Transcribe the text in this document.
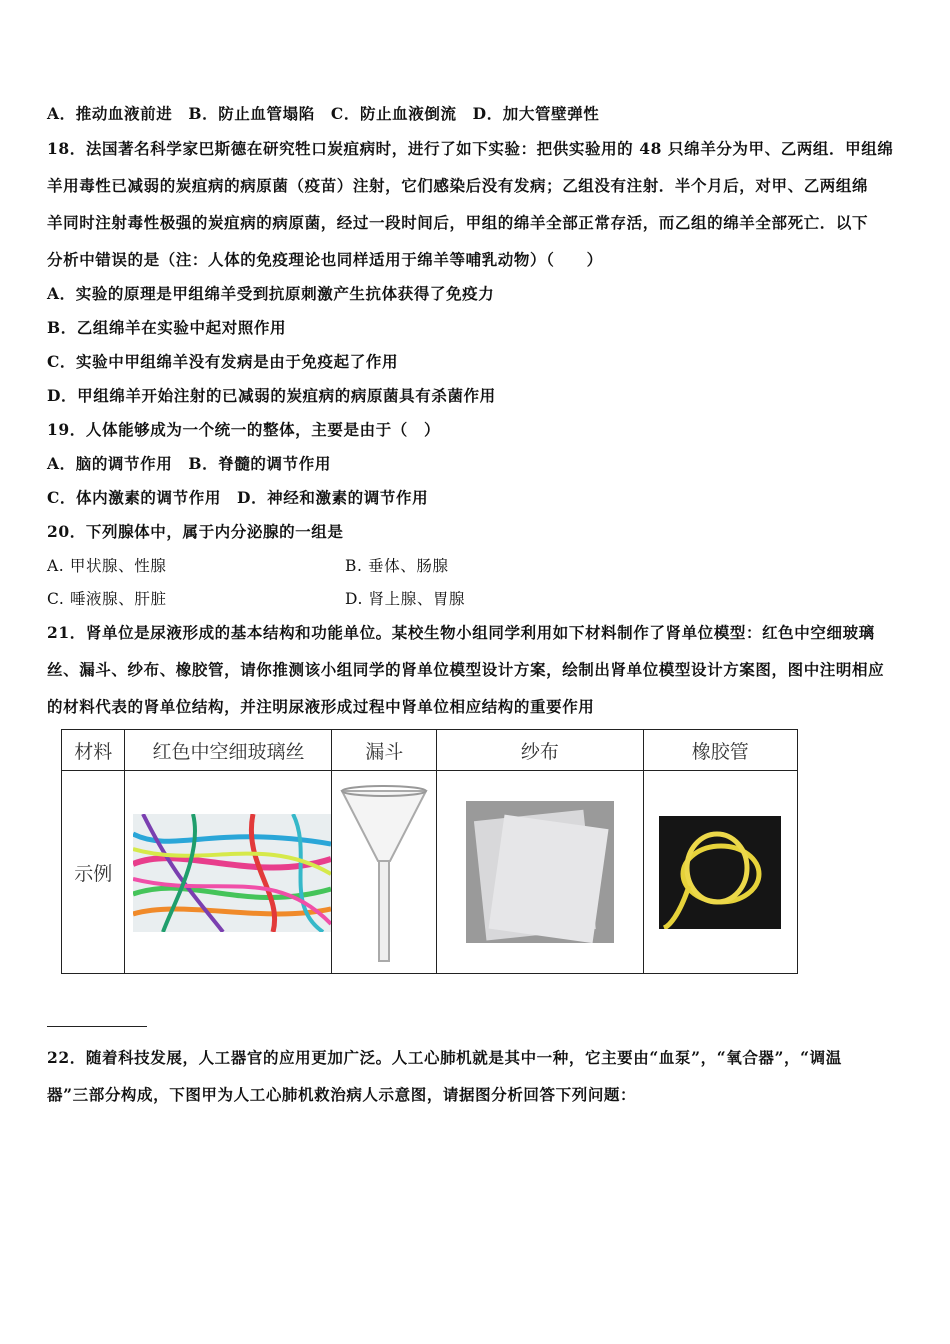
A．推动血液前进　B．防止血管塌陷　C．防止血液倒流　D．加大管壁弹性
18．法国著名科学家巴斯德在研究牲口炭疽病时，进行了如下实验：把供实验用的 48 只绵羊分为甲、乙两组．甲组绵
羊用毒性已减弱的炭疽病的病原菌（疫苗）注射，它们感染后没有发病；乙组没有注射．半个月后，对甲、乙两组绵
羊同时注射毒性极强的炭疽病的病原菌，经过一段时间后，甲组的绵羊全部正常存活，而乙组的绵羊全部死亡．以下
分析中错误的是（注：人体的免疫理论也同样适用于绵羊等哺乳动物）（　　）
A．实验的原理是甲组绵羊受到抗原刺激产生抗体获得了免疫力
B．乙组绵羊在实验中起对照作用
C．实验中甲组绵羊没有发病是由于免疫起了作用
D．甲组绵羊开始注射的已减弱的炭疽病的病原菌具有杀菌作用
19．人体能够成为一个统一的整体，主要是由于（　）
A．脑的调节作用　B．脊髓的调节作用
C．体内激素的调节作用　D．神经和激素的调节作用
20．下列腺体中，属于内分泌腺的一组是
A. 甲状腺、性腺	B. 垂体、肠腺
C. 唾液腺、肝脏	D. 肾上腺、胃腺
21．肾单位是尿液形成的基本结构和功能单位。某校生物小组同学利用如下材料制作了肾单位模型：红色中空细玻璃
丝、漏斗、纱布、橡胶管，请你推测该小组同学的肾单位模型设计方案，绘制出肾单位模型设计方案图，图中注明相应
的材料代表的肾单位结构，并注明尿液形成过程中肾单位相应结构的重要作用
材料	红色中空细玻璃丝	漏斗	纱布	橡胶管
示例	

22．随着科技发展，人工器官的应用更加广泛。人工心肺机就是其中一种，它主要由“血泵”，“氧合器”，“调温
器”三部分构成，下图甲为人工心肺机救治病人示意图，请据图分析回答下列问题：
